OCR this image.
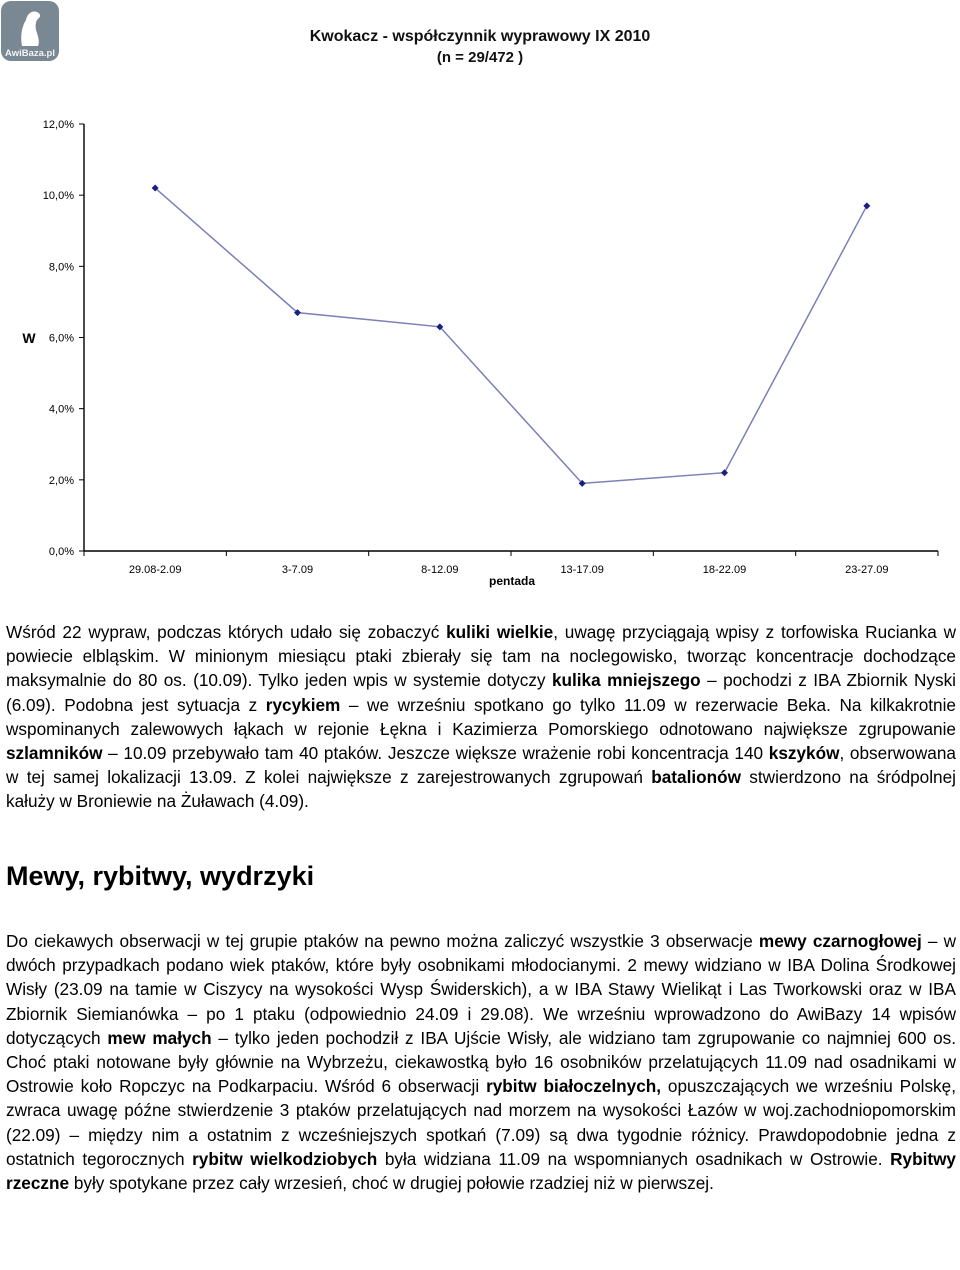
AwiBaza.pl
Kwokacz - współczynnik wyprawowy IX 2010
(n = 29/472 )
W
pentada
0,0%
2,0%
4,0%
6,0%
8,0%
10,0%
12,0%
29.08-2.09	3-7.09	8-12.09	13-17.09	18-22.09	23-27.09
Wśród 22 wypraw, podczas których udało się zobaczyć kuliki wielkie, uwagę przyciągają wpisy z torfowiska Rucianka w powiecie elbląskim. W minionym miesiącu ptaki zbierały się tam na noclegowisko, tworząc koncentracje dochodzące maksymalnie do 80 os. (10.09). Tylko jeden wpis w systemie dotyczy kulika mniejszego – pochodzi z IBA Zbiornik Nyski (6.09). Podobna jest sytuacja z rycykiem – we wrześniu spotkano go tylko 11.09 w rezerwacie Beka. Na kilkakrotnie wspominanych zalewowych łąkach w rejonie Łękna i Kazimierza Pomorskiego odnotowano największe zgrupowanie szlamników – 10.09 przebywało tam 40 ptaków. Jeszcze większe wrażenie robi koncentracja 140 kszyków, obserwowana w tej samej lokalizacji 13.09. Z kolei największe z zarejestrowanych zgrupowań batalionów stwierdzono na śródpolnej kałuży w Broniewie na Żuławach (4.09).
Mewy, rybitwy, wydrzyki
Do ciekawych obserwacji w tej grupie ptaków na pewno można zaliczyć wszystkie 3 obserwacje mewy czarnogłowej – w dwóch przypadkach podano wiek ptaków, które były osobnikami młodocianymi. 2 mewy widziano w IBA Dolina Środkowej Wisły (23.09 na tamie w Ciszycy na wysokości Wysp Świderskich), a w IBA Stawy Wielikąt i Las Tworkowski oraz w IBA Zbiornik Siemianówka – po 1 ptaku (odpowiednio 24.09 i 29.08). We wrześniu wprowadzono do AwiBazy 14 wpisów dotyczących mew małych – tylko jeden pochodził z IBA Ujście Wisły, ale widziano tam zgrupowanie co najmniej 600 os. Choć ptaki notowane były głównie na Wybrzeżu, ciekawostką było 16 osobników przelatujących 11.09 nad osadnikami w Ostrowie koło Ropczyc na Podkarpaciu. Wśród 6 obserwacji rybitw białoczelnych, opuszczających we wrześniu Polskę, zwraca uwagę późne stwierdzenie 3 ptaków przelatujących nad morzem na wysokości Łazów w woj.zachodniopomorskim (22.09) – między nim a ostatnim z wcześniejszych spotkań (7.09) są dwa tygodnie różnicy. Prawdopodobnie jedna z ostatnich tegorocznych rybitw wielkodziobych była widziana 11.09 na wspomnianych osadnikach w Ostrowie. Rybitwy rzeczne były spotykane przez cały wrzesień, choć w drugiej połowie rzadziej niż w pierwszej.
